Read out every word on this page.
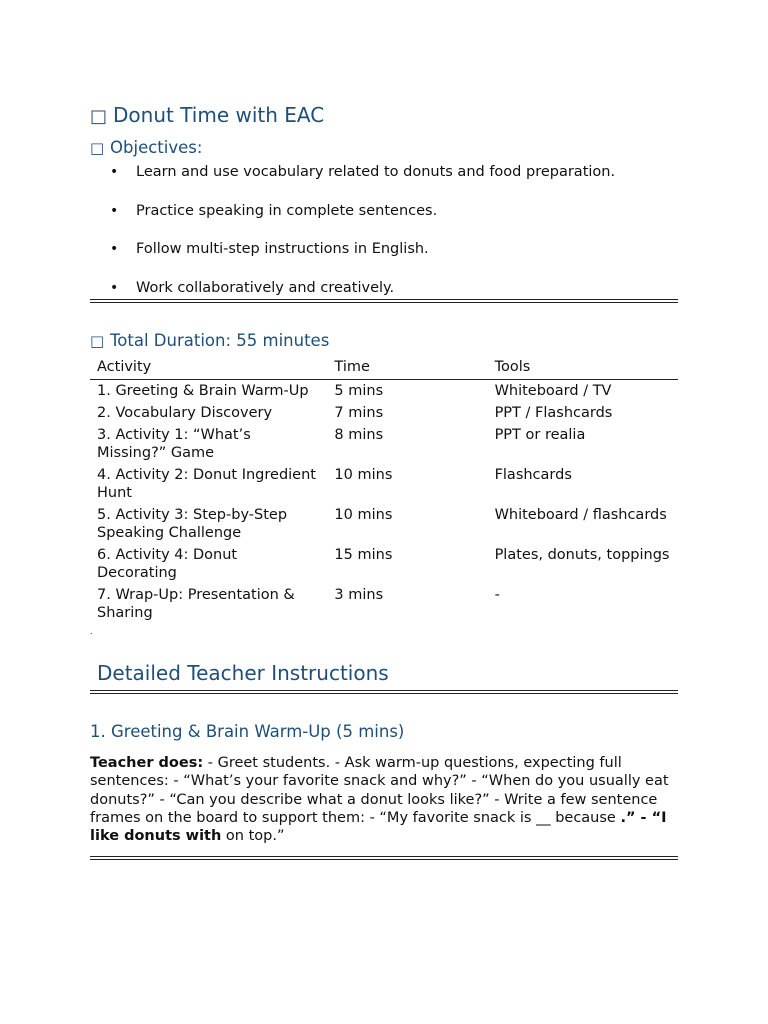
□ Donut Time with EAC
□ Objectives:
• Learn and use vocabulary related to donuts and food preparation.
• Practice speaking in complete sentences.
• Follow multi-step instructions in English.
• Work collaboratively and creatively.
□ Total Duration: 55 minutes
Activity	Time	Tools
1. Greeting & Brain Warm-Up	5 mins	Whiteboard / TV
2. Vocabulary Discovery	7 mins	PPT / Flashcards
3. Activity 1: “What’s Missing?” Game	8 mins	PPT or realia
4. Activity 2: Donut Ingredient Hunt	10 mins	Flashcards
5. Activity 3: Step-by-Step Speaking Challenge	10 mins	Whiteboard / flashcards
6. Activity 4: Donut Decorating	15 mins	Plates, donuts, toppings
7. Wrap-Up: Presentation & Sharing	3 mins	-
.
Detailed Teacher Instructions
1. Greeting & Brain Warm-Up (5 mins)

Teacher does: - Greet students. - Ask warm-up questions, expecting full sentences: - “What’s your favorite snack and why?” - “When do you usually eat donuts?” - “Can you describe what a donut looks like?” - Write a few sentence frames on the board to support them: - “My favorite snack is __ because .” - “I like donuts with on top.”
